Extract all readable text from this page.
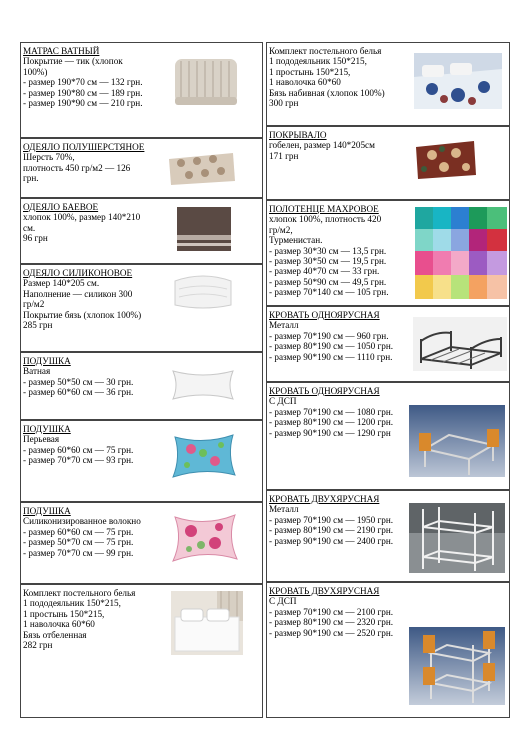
МАТРАС ВАТНЫЙ
Покрытие — тик (хлопок
100%)
- размер 190*70 см — 132 грн.
- размер 190*80 см — 189 грн.
- размер 190*90 см — 210 грн.
ОДЕЯЛО ПОЛУШЕРСТЯНОЕ
Шерсть 70%,
плотность 450 гр/м2 — 126
грн.
ОДЕЯЛО БАЕВОЕ
хлопок 100%, размер 140*210
см.
96 грн
ОДЕЯЛО СИЛИКОНОВОЕ
Размер 140*205 см.
Наполнение — силикон 300
гр/м2
Покрытие бязь (хлопок 100%)
285 грн
ПОДУШКА
Ватная
- размер 50*50 см — 30 грн.
- размер 60*60 см — 36 грн.
ПОДУШКА
Перьевая
- размер 60*60 см — 75 грн.
- размер 70*70 см — 93 грн.
ПОДУШКА
Силиконизированное волокно
- размер 60*60 см — 75 грн.
- размер 50*70 см — 75 грн.
- размер 70*70 см — 99 грн.
Комплект постельного белья
1 пододеяльник 150*215,
1 простынь 150*215,
1 наволочка 60*60
Бязь отбеленная
282 грн
Комплект постельного белья
1 пододеяльник 150*215,
1 простынь 150*215,
1 наволочка 60*60
Бязь набивная (хлопок 100%)
300 грн
ПОКРЫВАЛО
гобелен, размер 140*205см
171 грн
ПОЛОТЕНЦЕ МАХРОВОЕ
хлопок 100%, плотность 420
гр/м2,
Турменистан.
- размер 30*30 см — 13,5 грн.
- размер 30*50 см — 19,5 грн.
- размер 40*70 см — 33 грн.
- размер 50*90 см — 49,5 грн.
- размер 70*140 см — 105 грн.
КРОВАТЬ ОДНОЯРУСНАЯ
Металл
- размер 70*190 см — 960 грн.
- размер 80*190 см — 1050 грн.
- размер 90*190 см — 1110 грн.
КРОВАТЬ ОДНОЯРУСНАЯ
С ДСП
- размер 70*190 см — 1080 грн.
- размер 80*190 см — 1200 грн.
- размер 90*190 см — 1290 грн
КРОВАТЬ ДВУХЯРУСНАЯ
Металл
- размер 70*190 см — 1950 грн.
- размер 80*190 см — 2190 грн.
- размер 90*190 см — 2400 грн.
КРОВАТЬ ДВУХЯРУСНАЯ
С ДСП
- размер 70*190 см — 2100 грн.
- размер 80*190 см — 2320 грн.
- размер 90*190 см — 2520 грн.
